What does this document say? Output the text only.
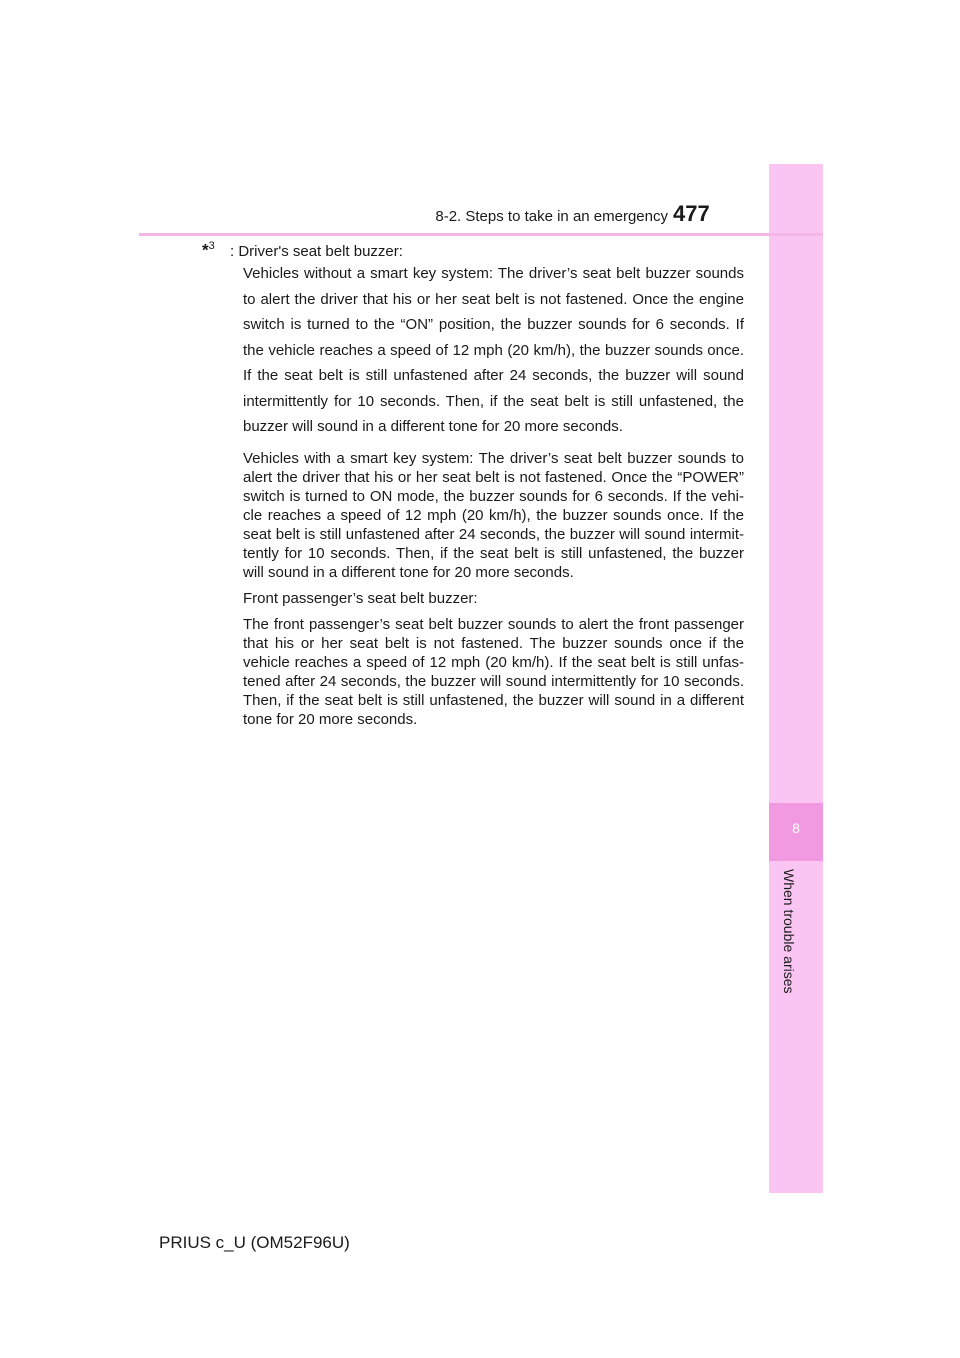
8
When trouble arises
8-2. Steps to take in an emergency 477

*$^3$ : Driver's seat belt buzzer:

Vehicles without a smart key system: The driver’s seat belt buzzer sounds to alert the driver that his or her seat belt is not fastened. Once the engine switch is turned to the “ON” position, the buzzer sounds for 6 seconds. If the vehicle reaches a speed of 12 mph (20 km/h), the buzzer sounds once. If the seat belt is still unfastened after 24 seconds, the buzzer will sound intermittently for 10 seconds. Then, if the seat belt is still unfastened, the buzzer will sound in a different tone for 20 more seconds.

Vehicles with a smart key system: The driver’s seat belt buzzer sounds to alert the driver that his or her seat belt is not fastened. Once the “POWER” switch is turned to ON mode, the buzzer sounds for 6 seconds. If the vehi-cle reaches a speed of 12 mph (20 km/h), the buzzer sounds once. If the seat belt is still unfastened after 24 seconds, the buzzer will sound intermit-tently for 10 seconds. Then, if the seat belt is still unfastened, the buzzer will sound in a different tone for 20 more seconds.

Front passenger’s seat belt buzzer:

The front passenger’s seat belt buzzer sounds to alert the front passenger that his or her seat belt is not fastened. The buzzer sounds once if the vehicle reaches a speed of 12 mph (20 km/h). If the seat belt is still unfas-tened after 24 seconds, the buzzer will sound intermittently for 10 seconds. Then, if the seat belt is still unfastened, the buzzer will sound in a different tone for 20 more seconds.

PRIUS c_U (OM52F96U)
